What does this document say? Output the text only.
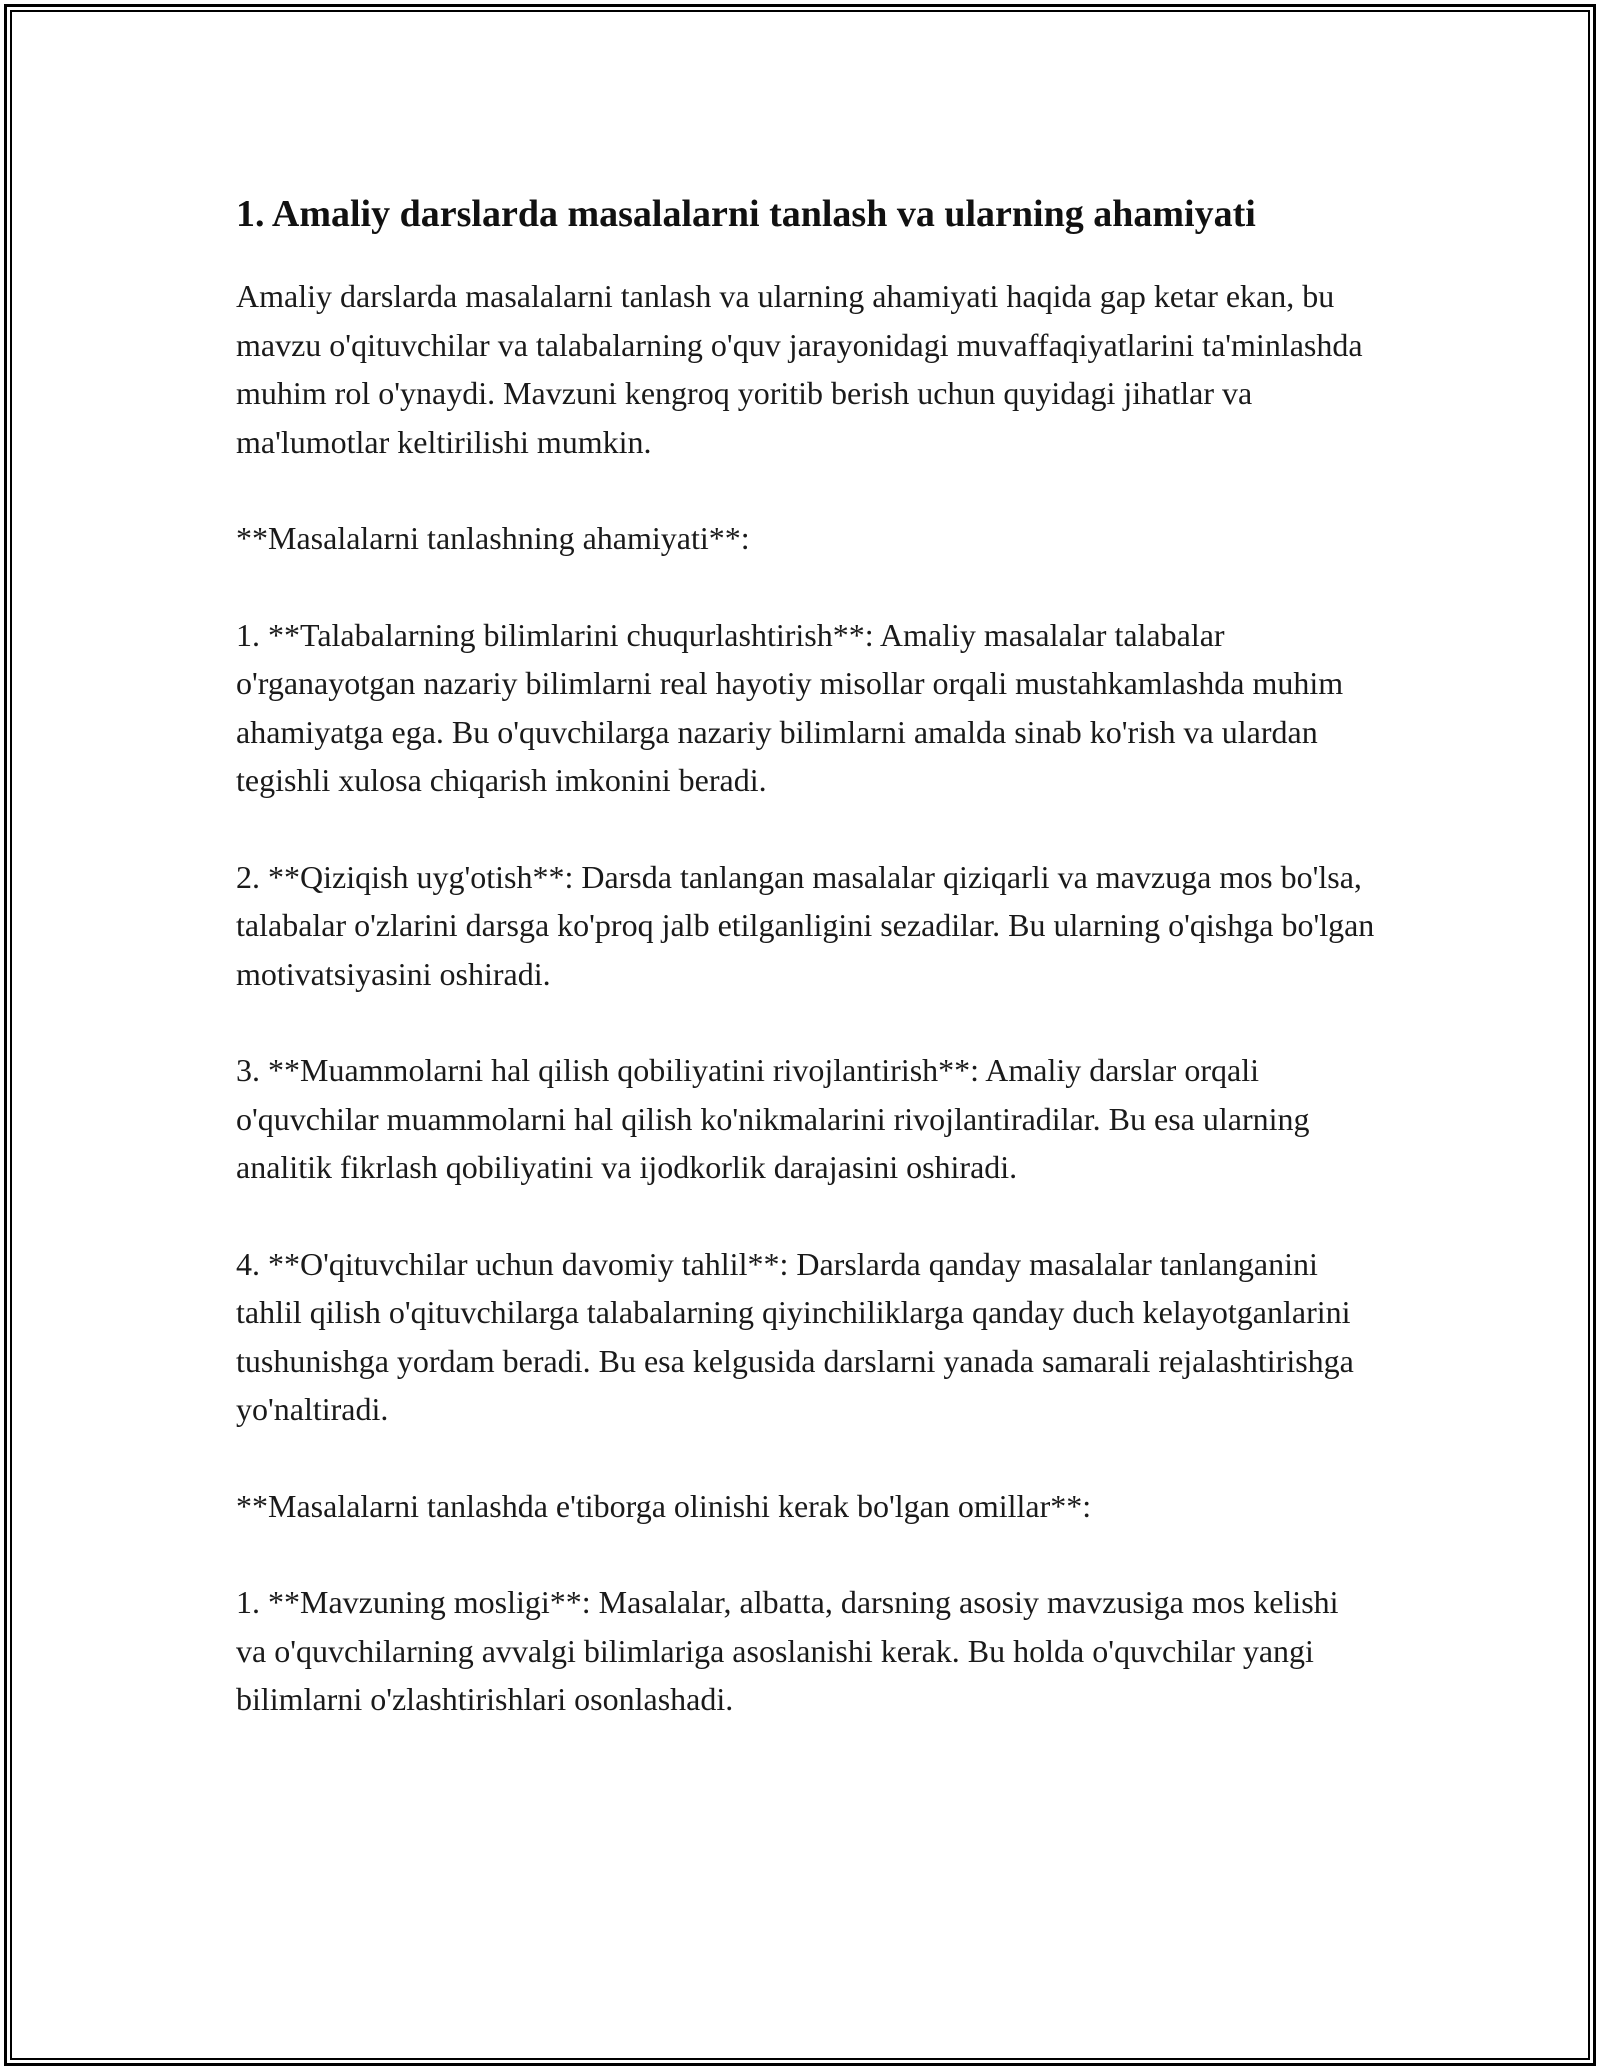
1. Amaliy darslarda masalalarni tanlash va ularning ahamiyati

Amaliy darslarda masalalarni tanlash va ularning ahamiyati haqida gap ketar ekan, bu mavzu o'qituvchilar va talabalarning o'quv jarayonidagi muvaffaqiyatlarini ta'minlashda muhim rol o'ynaydi. Mavzuni kengroq yoritib berish uchun quyidagi jihatlar va ma'lumotlar keltirilishi mumkin.

**Masalalarni tanlashning ahamiyati**:

1. **Talabalarning bilimlarini chuqurlashtirish**: Amaliy masalalar talabalar o'rganayotgan nazariy bilimlarni real hayotiy misollar orqali mustahkamlashda muhim ahamiyatga ega. Bu o'quvchilarga nazariy bilimlarni amalda sinab ko'rish va ulardan tegishli xulosa chiqarish imkonini beradi.

2. **Qiziqish uyg'otish**: Darsda tanlangan masalalar qiziqarli va mavzuga mos bo'lsa, talabalar o'zlarini darsga ko'proq jalb etilganligini sezadilar. Bu ularning o'qishga bo'lgan motivatsiyasini oshiradi.

3. **Muammolarni hal qilish qobiliyatini rivojlantirish**: Amaliy darslar orqali o'quvchilar muammolarni hal qilish ko'nikmalarini rivojlantiradilar. Bu esa ularning analitik fikrlash qobiliyatini va ijodkorlik darajasini oshiradi.

4. **O'qituvchilar uchun davomiy tahlil**: Darslarda qanday masalalar tanlanganini tahlil qilish o'qituvchilarga talabalarning qiyinchiliklarga qanday duch kelayotganlarini tushunishga yordam beradi. Bu esa kelgusida darslarni yanada samarali rejalashtirishga yo'naltiradi.

**Masalalarni tanlashda e'tiborga olinishi kerak bo'lgan omillar**:

1. **Mavzuning mosligi**: Masalalar, albatta, darsning asosiy mavzusiga mos kelishi va o'quvchilarning avvalgi bilimlariga asoslanishi kerak. Bu holda o'quvchilar yangi bilimlarni o'zlashtirishlari osonlashadi.
